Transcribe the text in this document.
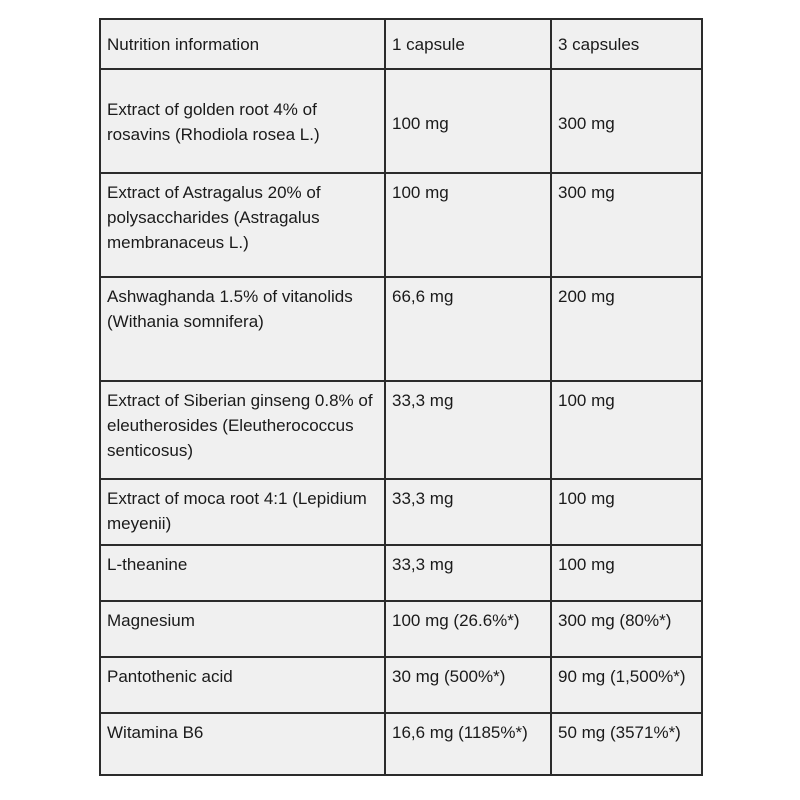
Nutrition information	1 capsule	3 capsules

Extract of golden root 4% of rosavins (Rhodiola rosea L.)	100 mg	300 mg

Extract of Astragalus 20% of polysaccharides (Astragalus membranaceus L.)	100 mg	300 mg

Ashwaghanda 1.5% of vitanolids (Withania somnifera)	66,6 mg	200 mg

Extract of Siberian ginseng 0.8% of eleutherosides (Eleutherococcus senticosus)	33,3 mg	100 mg

Extract of moca root 4:1 (Lepidium meyenii)	33,3 mg	100 mg

L-theanine	33,3 mg	100 mg

Magnesium	100 mg (26.6%*)	300 mg (80%*)

Pantothenic acid	30 mg (500%*)	90 mg (1,500%*)

Witamina B6	16,6 mg (1185%*)	50 mg (3571%*)
